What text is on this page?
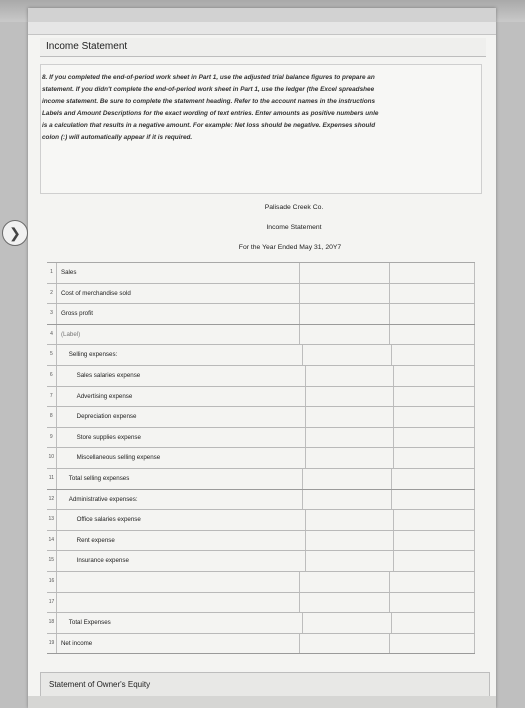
Income Statement
8. If you completed the end-of-period work sheet in Part 1, use the adjusted trial balance figures to prepare an
statement. If you didn't complete the end-of-period work sheet in Part 1, use the ledger (the Excel spreadshee
income statement. Be sure to complete the statement heading. Refer to the account names in the instructions
Labels and Amount Descriptions for the exact wording of text entries. Enter amounts as positive numbers unle
is a calculation that results in a negative amount. For example: Net loss should be negative. Expenses should
colon (:) will automatically appear if it is required.
Palisade Creek Co.
Income Statement
For the Year Ended May 31, 20Y7
❯
1	Sales
2	Cost of merchandise sold
3	Gross profit
4	(Label)
5	Selling expenses:
6	Sales salaries expense
7	Advertising expense
8	Depreciation expense
9	Store supplies expense
10	Miscellaneous selling expense
11	Total selling expenses
12	Administrative expenses:
13	Office salaries expense
14	Rent expense
15	Insurance expense
16
17
18	Total Expenses
19	Net income
Statement of Owner's Equity
